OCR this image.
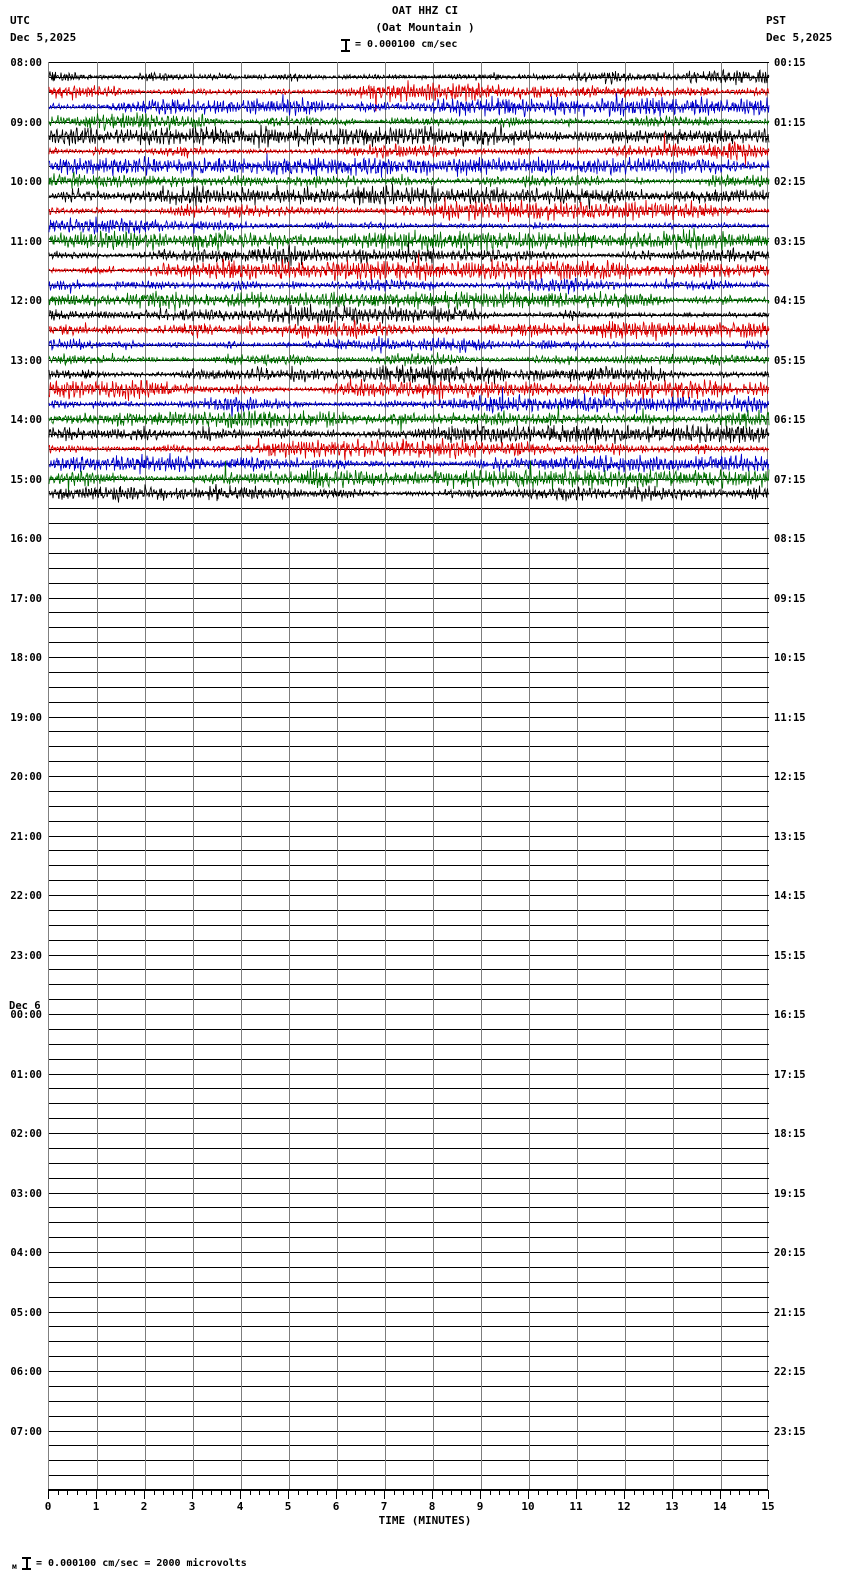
UTC
Dec 5,2025
OAT HHZ CI
(Oat Mountain )
= 0.000100 cm/sec
PST
Dec 5,2025
08:00
09:00
10:00
11:00
12:00
13:00
14:00
15:00
16:00
17:00
18:00
19:00
20:00
21:00
22:00
23:00
Dec 6
00:00
01:00
02:00
03:00
04:00
05:00
06:00
07:00
00:15
01:15
02:15
03:15
04:15
05:15
06:15
07:15
08:15
09:15
10:15
11:15
12:15
13:15
14:15
15:15
16:15
17:15
18:15
19:15
20:15
21:15
22:15
23:15
0	1	2	3	4	5	6	7	8	9	10	11	12	13	14	15
TIME (MINUTES)
м = 0.000100 cm/sec = 2000 microvolts
